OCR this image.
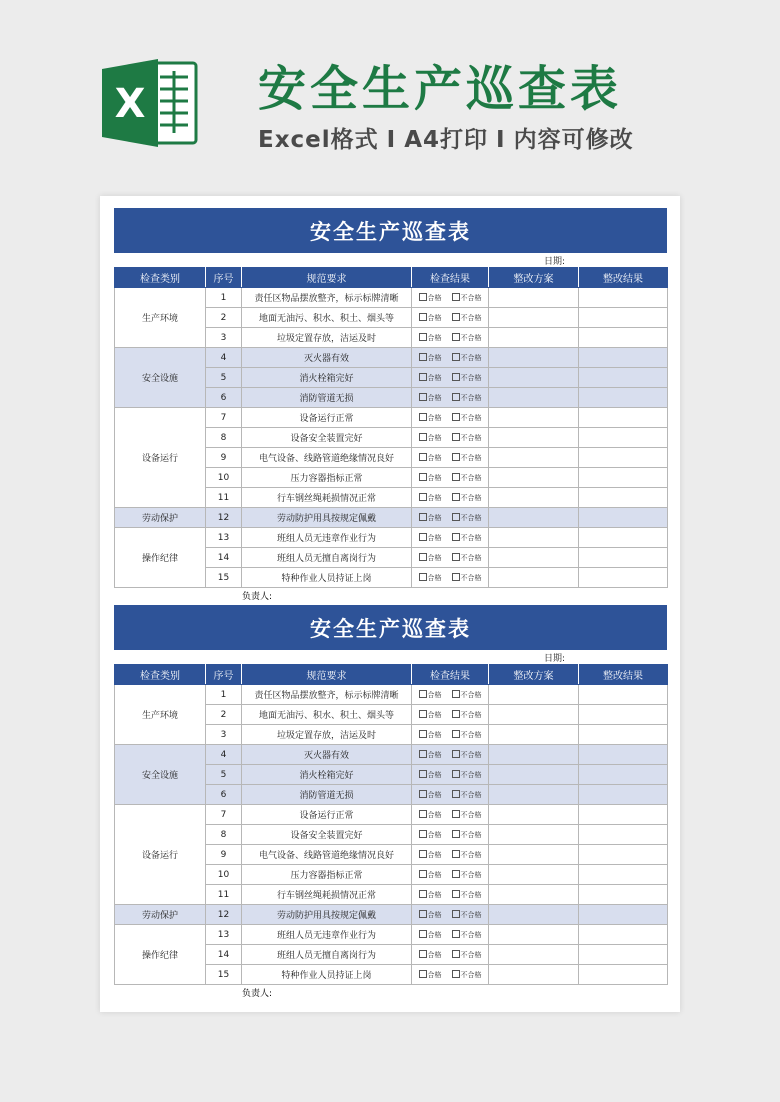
X 安全生产巡查表
Excel格式 I A4打印 I 内容可修改
安全生产巡查表
日期:
检查类别	序号	规范要求	检查结果	整改方案	整改结果
生产环境	1	责任区物品摆放整齐，标示标牌清晰	合格 不合格		
	2	地面无油污、积水、积土、烟头等	合格 不合格		
	3	垃圾定置存放，洁运及时	合格 不合格		
安全设施	4	灭火器有效	合格 不合格		
	5	消火栓箱完好	合格 不合格		
	6	消防管道无损	合格 不合格		
设备运行	7	设备运行正常	合格 不合格		
	8	设备安全装置完好	合格 不合格		
	9	电气设备、线路管道绝缘情况良好	合格 不合格		
	10	压力容器指标正常	合格 不合格		
	11	行车钢丝绳耗损情况正常	合格 不合格		
劳动保护	12	劳动防护用具按规定佩戴	合格 不合格		
操作纪律	13	班组人员无违章作业行为	合格 不合格		
	14	班组人员无擅自离岗行为	合格 不合格		
	15	特种作业人员持证上岗	合格 不合格		
负责人:
安全生产巡查表
日期:
检查类别	序号	规范要求	检查结果	整改方案	整改结果
生产环境	1	责任区物品摆放整齐，标示标牌清晰	合格 不合格		
	2	地面无油污、积水、积土、烟头等	合格 不合格		
	3	垃圾定置存放，洁运及时	合格 不合格		
安全设施	4	灭火器有效	合格 不合格		
	5	消火栓箱完好	合格 不合格		
	6	消防管道无损	合格 不合格		
设备运行	7	设备运行正常	合格 不合格		
	8	设备安全装置完好	合格 不合格		
	9	电气设备、线路管道绝缘情况良好	合格 不合格		
	10	压力容器指标正常	合格 不合格		
	11	行车钢丝绳耗损情况正常	合格 不合格		
劳动保护	12	劳动防护用具按规定佩戴	合格 不合格		
操作纪律	13	班组人员无违章作业行为	合格 不合格		
	14	班组人员无擅自离岗行为	合格 不合格		
	15	特种作业人员持证上岗	合格 不合格		
负责人:
